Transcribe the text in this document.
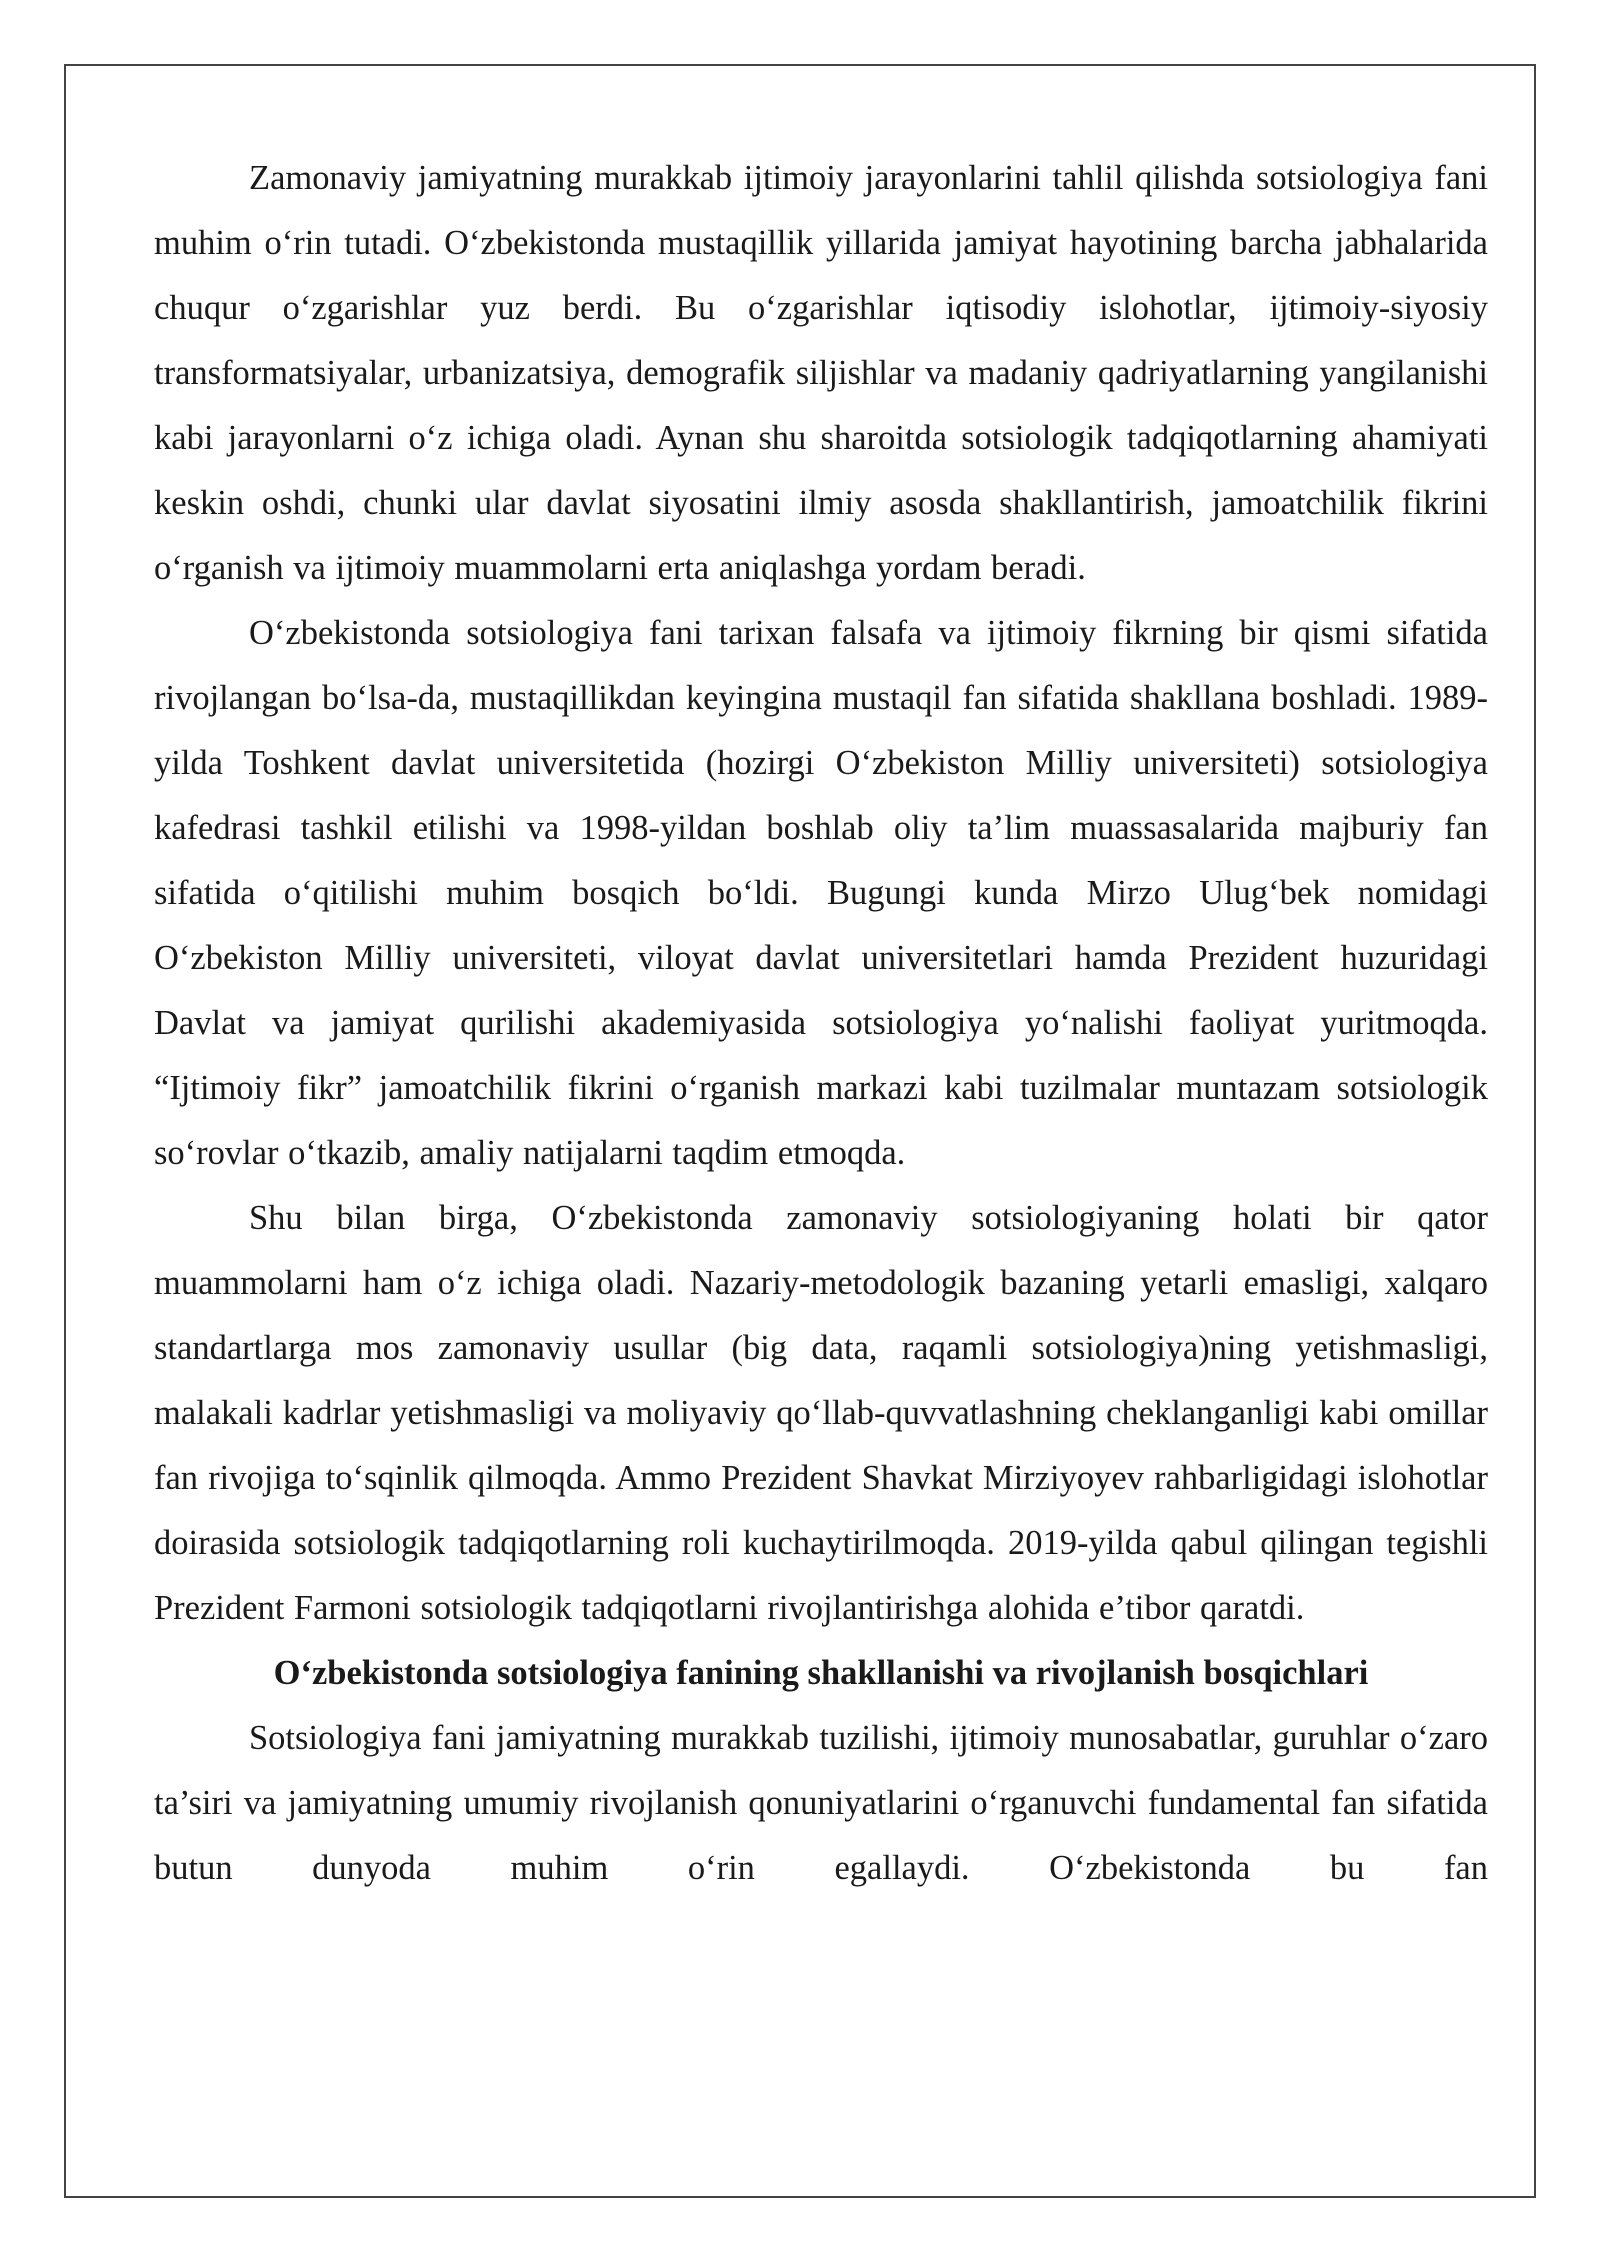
Zamonaviy jamiyatning murakkab ijtimoiy jarayonlarini tahlil qilishda sotsiologiya fani muhim o‘rin tutadi. O‘zbekistonda mustaqillik yillarida jamiyat hayotining barcha jabhalarida chuqur o‘zgarishlar yuz berdi. Bu o‘zgarishlar iqtisodiy islohotlar, ijtimoiy-siyosiy transformatsiyalar, urbanizatsiya, demografik siljishlar va madaniy qadriyatlarning yangilanishi kabi jarayonlarni o‘z ichiga oladi. Aynan shu sharoitda sotsiologik tadqiqotlarning ahamiyati keskin oshdi, chunki ular davlat siyosatini ilmiy asosda shakllantirish, jamoatchilik fikrini o‘rganish va ijtimoiy muammolarni erta aniqlashga yordam beradi.

O‘zbekistonda sotsiologiya fani tarixan falsafa va ijtimoiy fikrning bir qismi sifatida rivojlangan bo‘lsa-da, mustaqillikdan keyingina mustaqil fan sifatida shakllana boshladi. 1989-yilda Toshkent davlat universitetida (hozirgi O‘zbekiston Milliy universiteti) sotsiologiya kafedrasi tashkil etilishi va 1998-yildan boshlab oliy ta’lim muassasalarida majburiy fan sifatida o‘qitilishi muhim bosqich bo‘ldi. Bugungi kunda Mirzo Ulug‘bek nomidagi O‘zbekiston Milliy universiteti, viloyat davlat universitetlari hamda Prezident huzuridagi Davlat va jamiyat qurilishi akademiyasida sotsiologiya yo‘nalishi faoliyat yuritmoqda. “Ijtimoiy fikr” jamoatchilik fikrini o‘rganish markazi kabi tuzilmalar muntazam sotsiologik so‘rovlar o‘tkazib, amaliy natijalarni taqdim etmoqda.

Shu bilan birga, O‘zbekistonda zamonaviy sotsiologiyaning holati bir qator muammolarni ham o‘z ichiga oladi. Nazariy-metodologik bazaning yetarli emasligi, xalqaro standartlarga mos zamonaviy usullar (big data, raqamli sotsiologiya)ning yetishmasligi, malakali kadrlar yetishmasligi va moliyaviy qo‘llab-quvvatlashning cheklanganligi kabi omillar fan rivojiga to‘sqinlik qilmoqda. Ammo Prezident Shavkat Mirziyoyev rahbarligidagi islohotlar doirasida sotsiologik tadqiqotlarning roli kuchaytirilmoqda. 2019-yilda qabul qilingan tegishli Prezident Farmoni sotsiologik tadqiqotlarni rivojlantirishga alohida e’tibor qaratdi.

O‘zbekistonda sotsiologiya fanining shakllanishi va rivojlanish bosqichlari

Sotsiologiya fani jamiyatning murakkab tuzilishi, ijtimoiy munosabatlar, guruhlar o‘zaro ta’siri va jamiyatning umumiy rivojlanish qonuniyatlarini o‘rganuvchi fundamental fan sifatida butun dunyoda muhim o‘rin egallaydi. O‘zbekistonda bu fan
